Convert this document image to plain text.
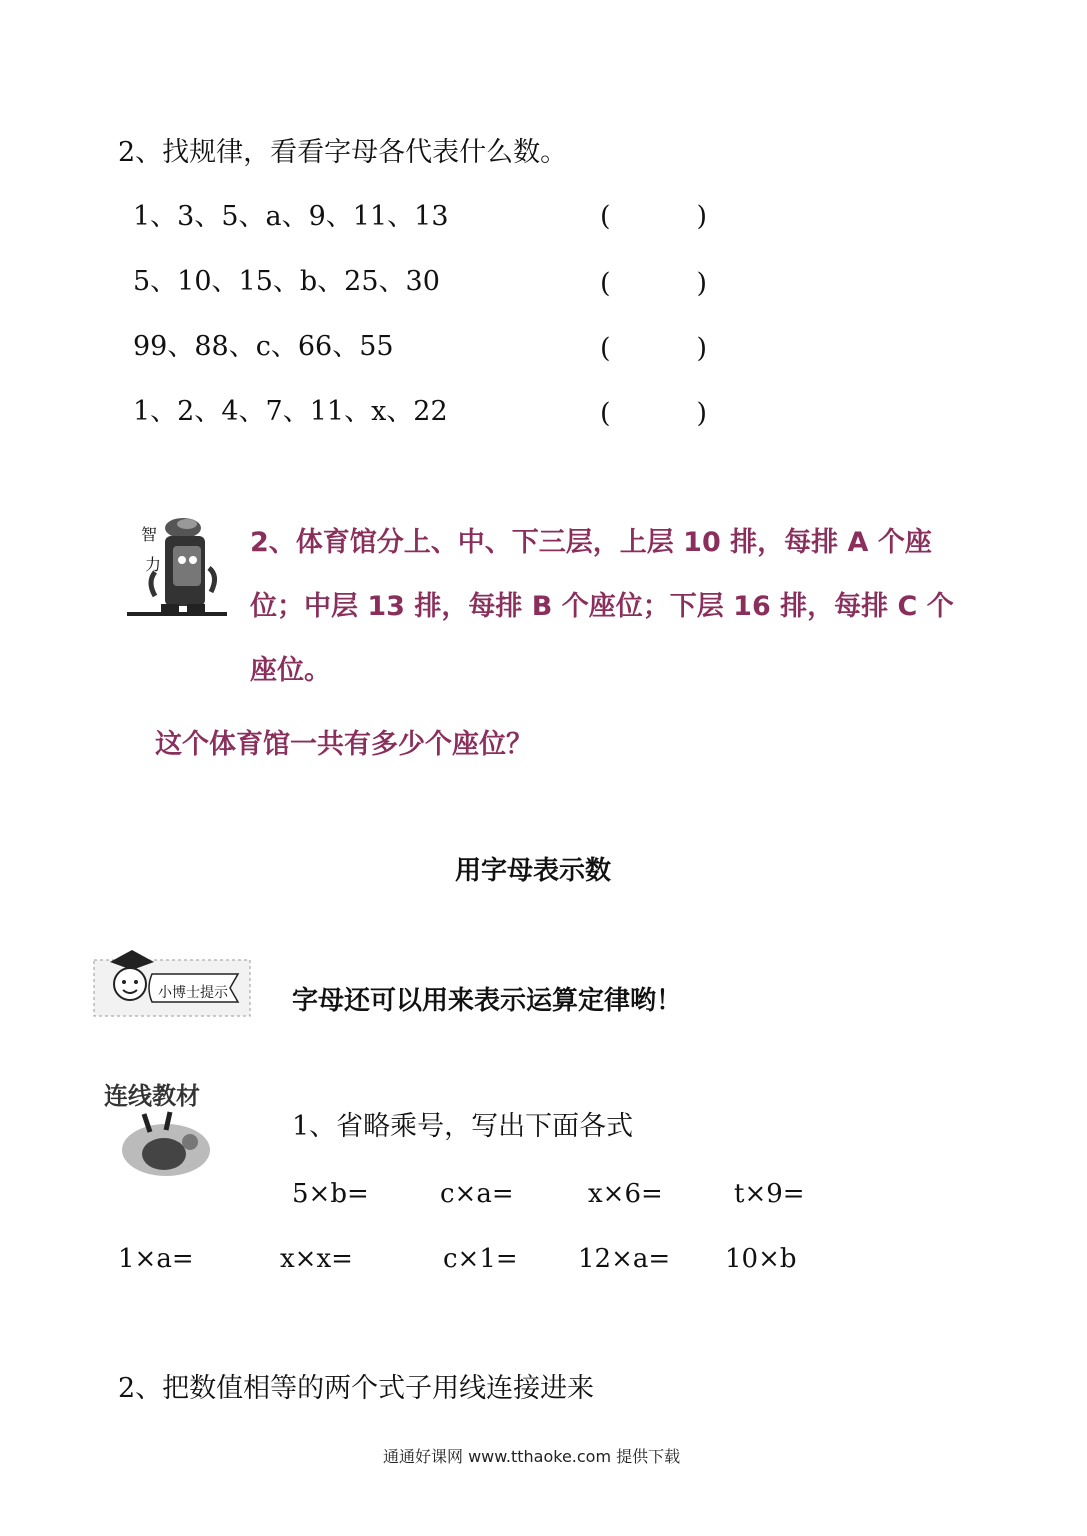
2、找规律，看看字母各代表什么数。
1、3、5、a、9、11、13	(	)
5、10、15、b、25、30	(	)
99、88、c、66、55	(	)
1、2、4、7、11、x、22	(	)
智
力
2、体育馆分上、中、下三层，上层 10 排，每排 A 个座
位；中层 13 排，每排 B 个座位；下层 16 排，每排 C 个
座位。
这个体育馆一共有多少个座位？
用字母表示数
小博士提示 字母还可以用来表示运算定律哟！
连线教材
1、省略乘号，写出下面各式
5×b=	c×a=	x×6=	t×9=
1×a=	x×x=	c×1= 12×a= 10×b
2、把数值相等的两个式子用线连接进来
通通好课网 www.tthaoke.com 提供下载
